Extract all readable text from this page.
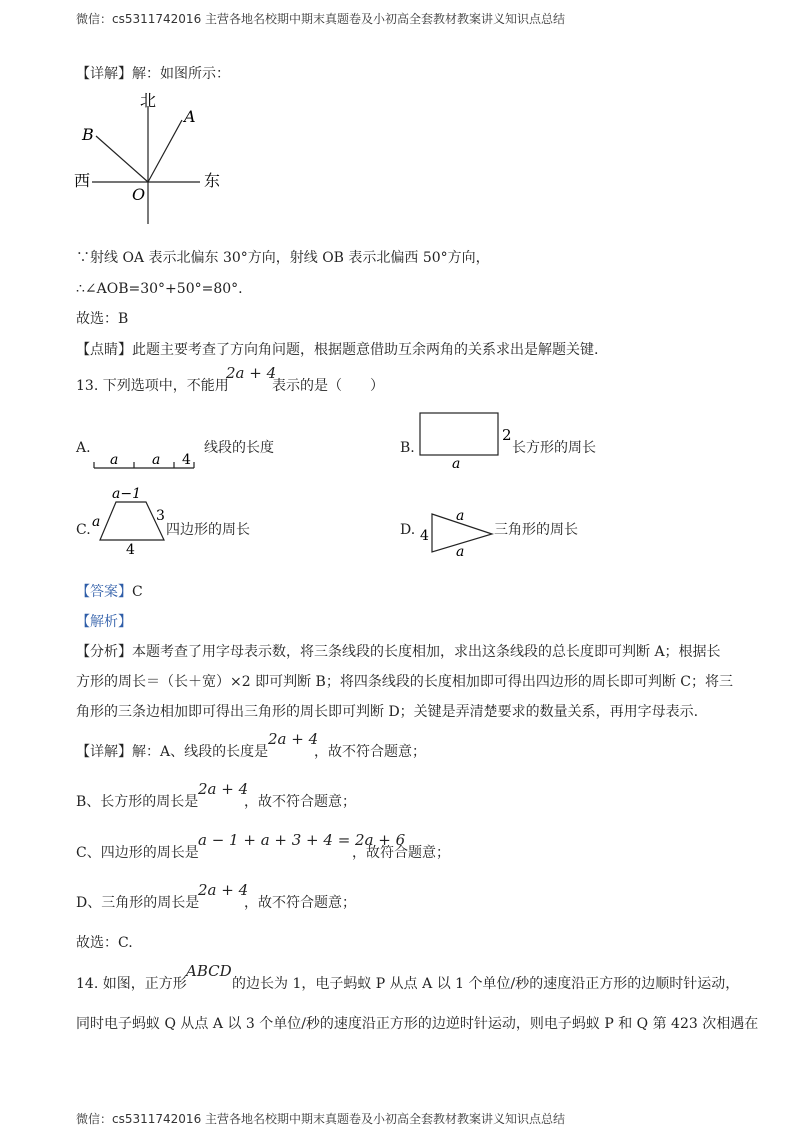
微信：cs5311742016 主营各地名校期中期末真题卷及小初高全套教材教案讲义知识点总结
【详解】解：如图所示：
北
西	东
O
A
B
∵射线 OA 表示北偏东 30°方向，射线 OB 表示北偏西 50°方向，
∴∠AOB=30°+50°=80°.
故选：B
【点睛】此题主要考查了方向角问题，根据题意借助互余两角的关系求出是解题关键.
13. 下列选项中，不能用
2a + 4
表示的是（　　）
A.
a a 4
线段的长度	B.
2
a
长方形的周长
C.
a−1
a	3
4
四边形的周长	D. 4
a
a
三角形的周长
【答案】C
【解析】
【分析】本题考查了用字母表示数，将三条线段的长度相加，求出这条线段的总长度即可判断 A；根据长
方形的周长＝（长＋宽）×2 即可判断 B；将四条线段的长度相加即可得出四边形的周长即可判断 C；将三
角形的三条边相加即可得出三角形的周长即可判断 D；关键是弄清楚要求的数量关系，再用字母表示.
【详解】解：A、线段的长度是
2a + 4
，故不符合题意；
B、长方形的周长是
2a + 4
，故不符合题意；
C、四边形的周长是
a − 1 + a + 3 + 4 = 2a + 6
，故符合题意；
D、三角形的周长是
2a + 4
，故不符合题意；
故选：C.
14. 如图，正方形
ABCD
的边长为 1，电子蚂蚁 P 从点 A 以 1 个单位/秒的速度沿正方形的边顺时针运动，
同时电子蚂蚁 Q 从点 A 以 3 个单位/秒的速度沿正方形的边逆时针运动，则电子蚂蚁 P 和 Q 第 423 次相遇在
微信：cs5311742016 主营各地名校期中期末真题卷及小初高全套教材教案讲义知识点总结
